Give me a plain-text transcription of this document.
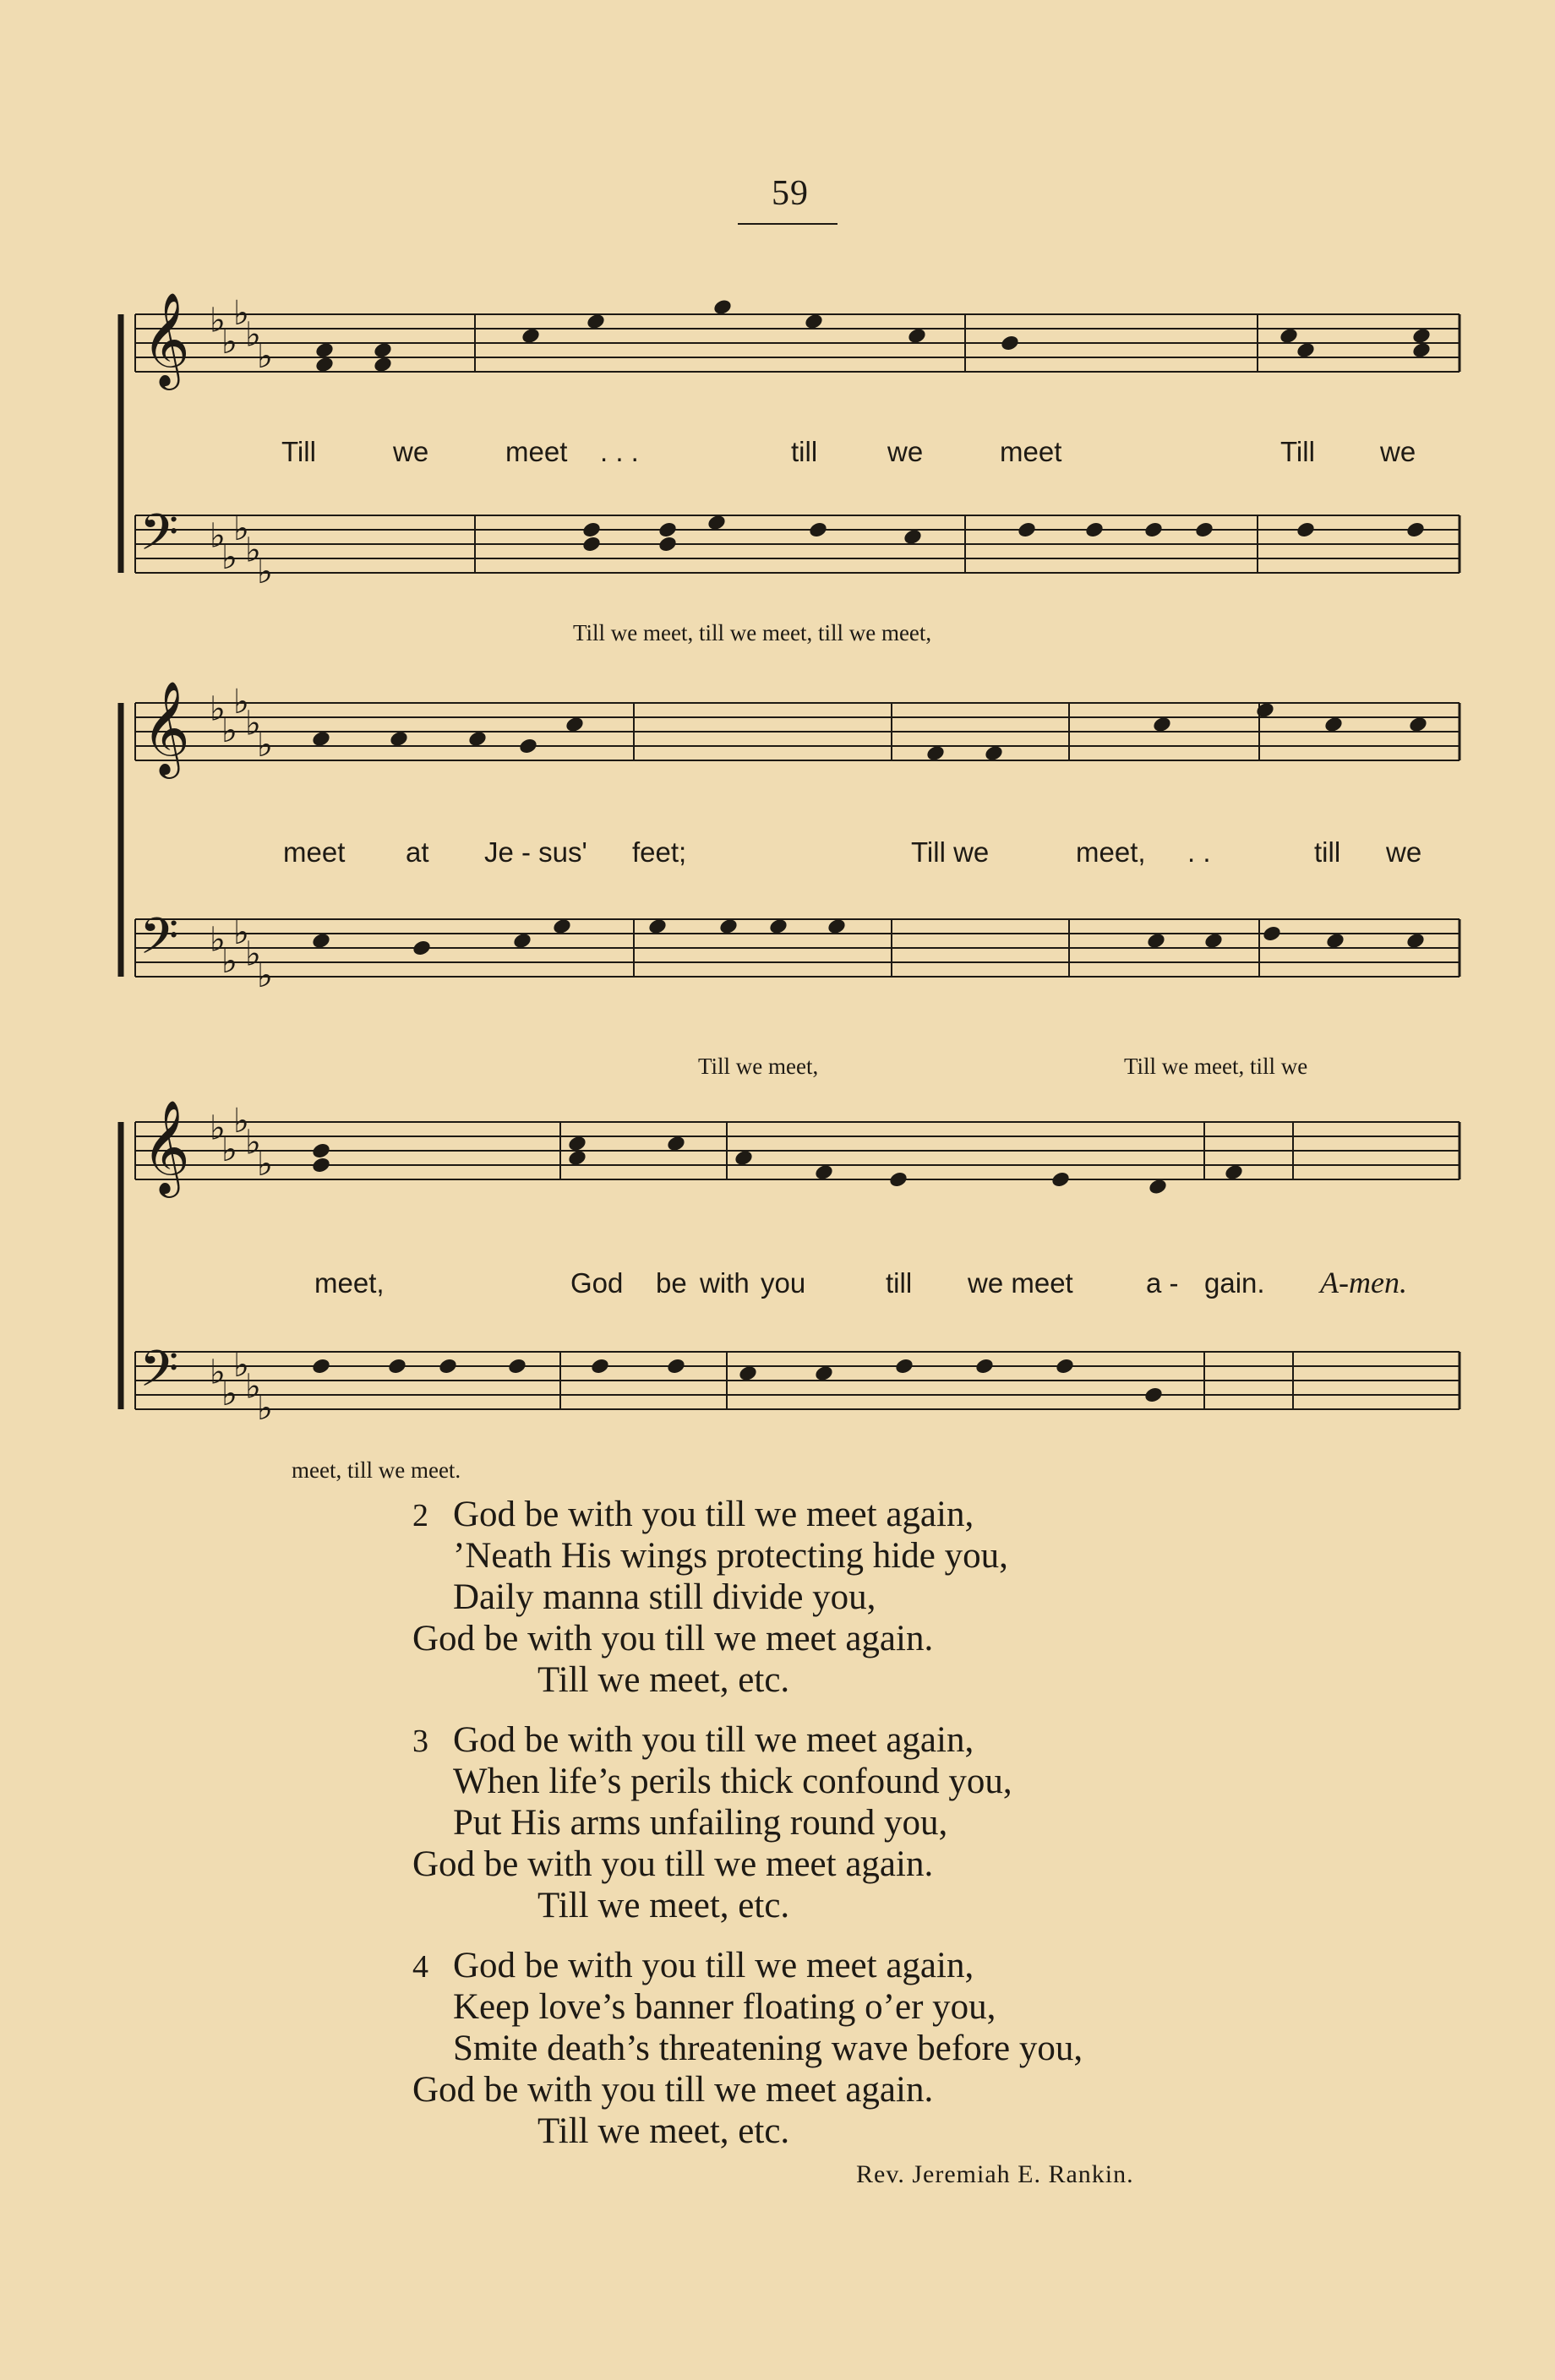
59
𝄞
𝄢
♭
♭
♭
♭
♭
♭
♭
♭
♭
♭
𝄞
𝄢
♭
♭
♭
♭
♭
♭
♭
♭
♭
♭
𝄞
𝄢
♭
♭
♭
♭
♭
♭
♭
♭
♭
♭
Till	we	meet . . .	till	we	meet	Till we
Till we meet, till we meet, till we meet,
meet at Je - sus' feet;	Till we	meet, . .	till we
Till we meet,	Till we meet, till we
meet,	God be with you	till we meet	a - gain. A-men.
meet, till we meet.
2 God be with you till we meet again,
’Neath His wings protecting hide you,
Daily manna still divide you,
God be with you till we meet again.
Till we meet, etc.
3 God be with you till we meet again,
When life’s perils thick confound you,
Put His arms unfailing round you,
God be with you till we meet again.
Till we meet, etc.
4 God be with you till we meet again,
Keep love’s banner floating o’er you,
Smite death’s threatening wave before you,
God be with you till we meet again.
Till we meet, etc.
Rev. Jeremiah E. Rankin.
